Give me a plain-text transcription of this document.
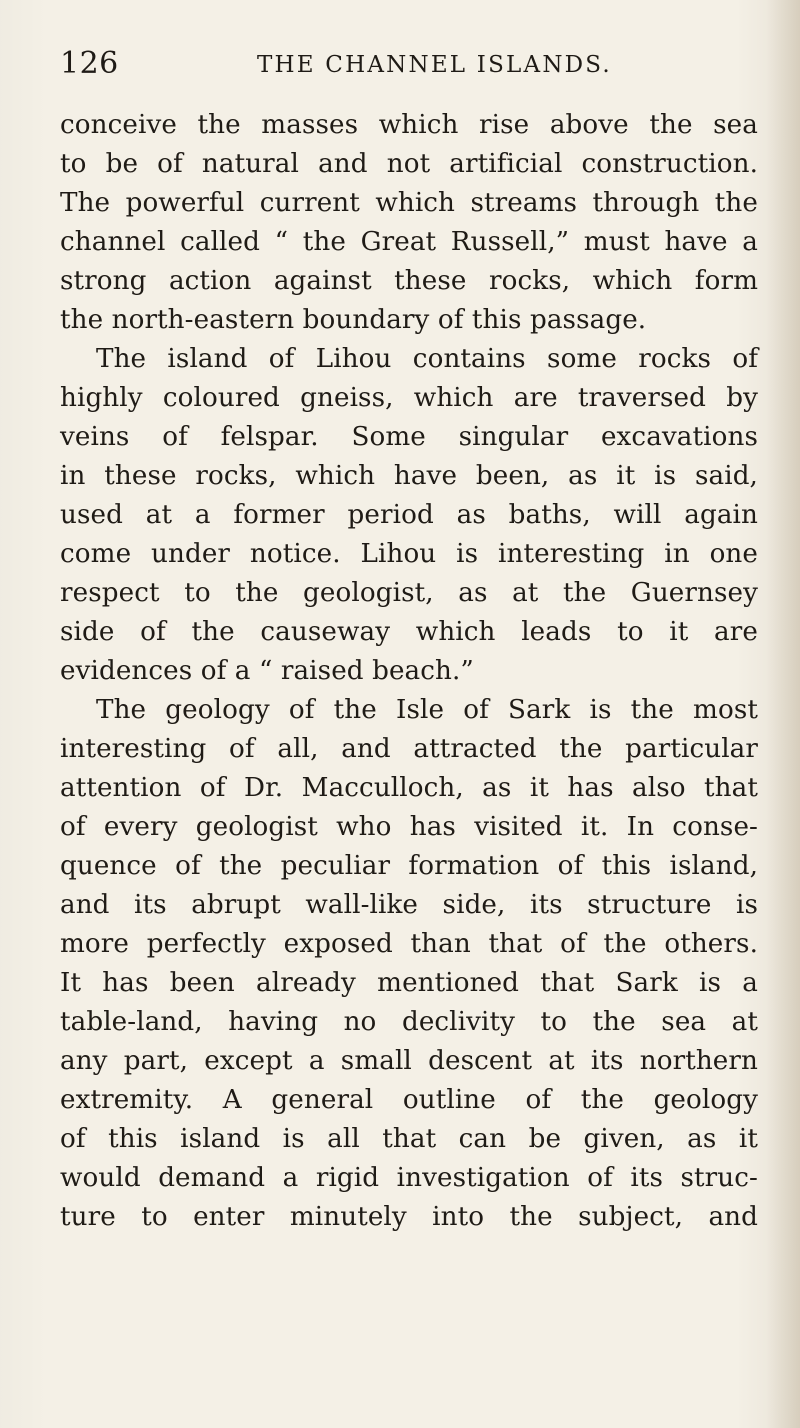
126	THE CHANNEL ISLANDS.
conceive the masses which rise above the sea
to be of natural and not artificial construction.
The powerful current which streams through the
channel called “ the Great Russell,” must have a
strong action against these rocks, which form
the north-eastern boundary of this passage.
The island of Lihou contains some rocks of
highly coloured gneiss, which are traversed by
veins of felspar. Some singular excavations
in these rocks, which have been, as it is said,
used at a former period as baths, will again
come under notice. Lihou is interesting in one
respect to the geologist, as at the Guernsey
side of the causeway which leads to it are
evidences of a “ raised beach.”
The geology of the Isle of Sark is the most
interesting of all, and attracted the particular
attention of Dr. Macculloch, as it has also that
of every geologist who has visited it. In conse-
quence of the peculiar formation of this island,
and its abrupt wall-like side, its structure is
more perfectly exposed than that of the others.
It has been already mentioned that Sark is a
table-land, having no declivity to the sea at
any part, except a small descent at its northern
extremity. A general outline of the geology
of this island is all that can be given, as it
would demand a rigid investigation of its struc-
ture to enter minutely into the subject, and
